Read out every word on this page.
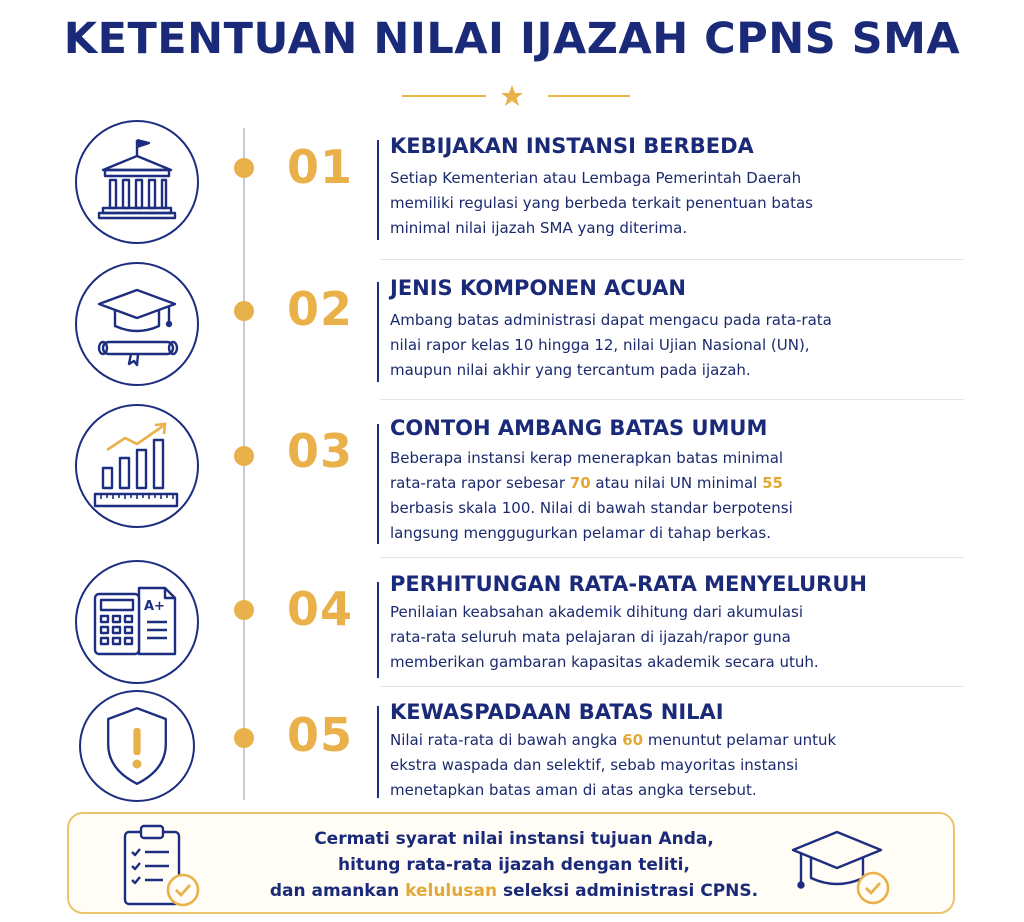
KETENTUAN NILAI IJAZAH CPNS SMA
01	KEBIJAKAN INSTANSI BERBEDA
Setiap Kementerian atau Lembaga Pemerintah Daerah
memiliki regulasi yang berbeda terkait penentuan batas
minimal nilai ijazah SMA yang diterima.
02	JENIS KOMPONEN ACUAN
Ambang batas administrasi dapat mengacu pada rata-rata
nilai rapor kelas 10 hingga 12, nilai Ujian Nasional (UN),
maupun nilai akhir yang tercantum pada ijazah.
03	CONTOH AMBANG BATAS UMUM
Beberapa instansi kerap menerapkan batas minimal
rata-rata rapor sebesar 70 atau nilai UN minimal 55
berbasis skala 100. Nilai di bawah standar berpotensi
langsung menggugurkan pelamar di tahap berkas.
A+	04	PERHITUNGAN RATA-RATA MENYELURUH
Penilaian keabsahan akademik dihitung dari akumulasi
rata-rata seluruh mata pelajaran di ijazah/rapor guna
memberikan gambaran kapasitas akademik secara utuh.
05	KEWASPADAAN BATAS NILAI
Nilai rata-rata di bawah angka 60 menuntut pelamar untuk
ekstra waspada dan selektif, sebab mayoritas instansi
menetapkan batas aman di atas angka tersebut.
Cermati syarat nilai instansi tujuan Anda,
hitung rata-rata ijazah dengan teliti,
dan amankan kelulusan seleksi administrasi CPNS.
